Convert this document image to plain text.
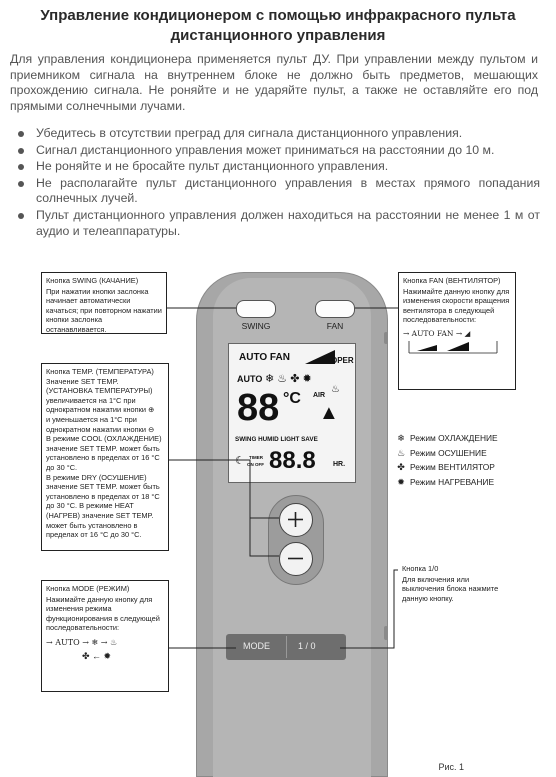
Управление кондиционером с помощью инфракрасного пульта
дистанционного управления
Для управления кондиционера применяется пульт ДУ. При управлении между пультом и приемником сигнала на внутреннем блоке не должно быть предметов, мешающих прохождению сигнала. Не роняйте и не ударяйте пульт, а также не оставляйте его под прямыми солнечными лучами.
Убедитесь в отсутствии преград для сигнала дистанционного управления.
Сигнал дистанционного управления может приниматься на расстоянии до 10 м.
Не роняйте и не бросайте пульт дистанционного управления.
Не располагайте пульт дистанционного управления в местах прямого попадания солнечных лучей.
Пульт дистанционного управления должен находиться на расстоянии не менее 1 м от аудио и телеаппаратуры.
SWING	FAN
AUTO FAN	OPER
AUTO ❄ ♨ ✤ ✹
88 °C AIR
♨
▲
SWING HUMID LIGHT SAVE
☾ TIMER
ON OFF 88.8 HR.
MODE	1 / 0
Кнопка SWING (КАЧАНИЕ)
При нажатии кнопки заслонка начинает автоматически качаться; при повторном нажатии кнопки заслонка останавливается.
Кнопка FAN (ВЕНТИЛЯТОР)
Нажимайте данную кнопку для изменения скорости вращения вентилятора в следующей последовательности:
→ AUTO FAN → ◢
Кнопка TEMP. (ТЕМПЕРАТУРА)
Значение SET TEMP.
(УСТАНОВКА ТЕМПЕРАТУРЫ)
увеличивается на 1°С при однократном нажатии кнопки ⊕
и уменьшается на 1°С при однократном нажатии кнопки ⊖
В режиме COOL (ОХЛАЖДЕНИЕ) значение SET TEMP. может быть установлено в пределах от 16 °С до 30 °С.
В режиме DRY (ОСУШЕНИЕ) значение SET TEMP. может быть установлено в пределах от 18 °С до 30 °С. В режиме HEAT (НАГРЕВ) значение SET TEMP. может быть установлено в пределах от 16 °С до 30 °С.
Кнопка MODE (РЕЖИМ)
Нажимайте данную кнопку для изменения режима функционирования в следующей последовательности:
→ AUTO → ❄ → ♨
✤ ← ✹
Кнопка 1/0
Для включения или выключения блока нажмите данную кнопку.
❄ Режим ОХЛАЖДЕНИЕ
♨ Режим ОСУШЕНИЕ
✤ Режим ВЕНТИЛЯТОР
✹ Режим НАГРЕВАНИЕ
Рис. 1
